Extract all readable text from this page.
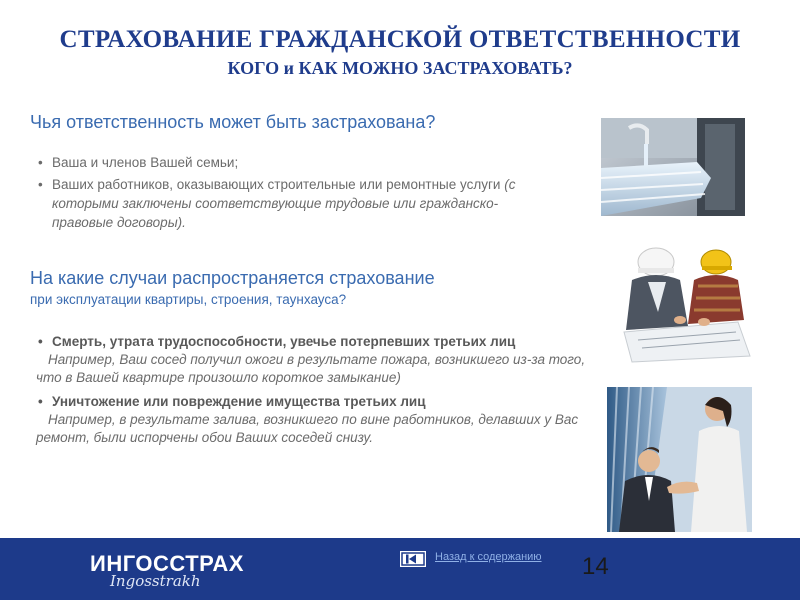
СТРАХОВАНИЕ ГРАЖДАНСКОЙ ОТВЕТСТВЕННОСТИ
КОГО и КАК МОЖНО ЗАСТРАХОВАТЬ?
Чья ответственность может быть застрахована?
• Ваша и членов Вашей семьи;
• Ваших работников, оказывающих строительные или ремонтные услуги (с которыми заключены соответствующие трудовые или гражданско-правовые договоры).
На какие случаи распространяется страхование
при эксплуатации квартиры, строения, таунхауса?
• Смерть, утрата трудоспособности, увечье потерпевших третьих лиц
Например, Ваш сосед получил ожоги в результате пожара, возникшего из-за того, что в Вашей квартире произошло короткое замыкание)
• Уничтожение или повреждение имущества третьих лиц
Например, в результате залива, возникшего по вине работников, делавших у Вас ремонт, были испорчены обои Ваших соседей снизу.
ИНГОССТРАХ
Ingosstrakh
Назад к содержанию 14
